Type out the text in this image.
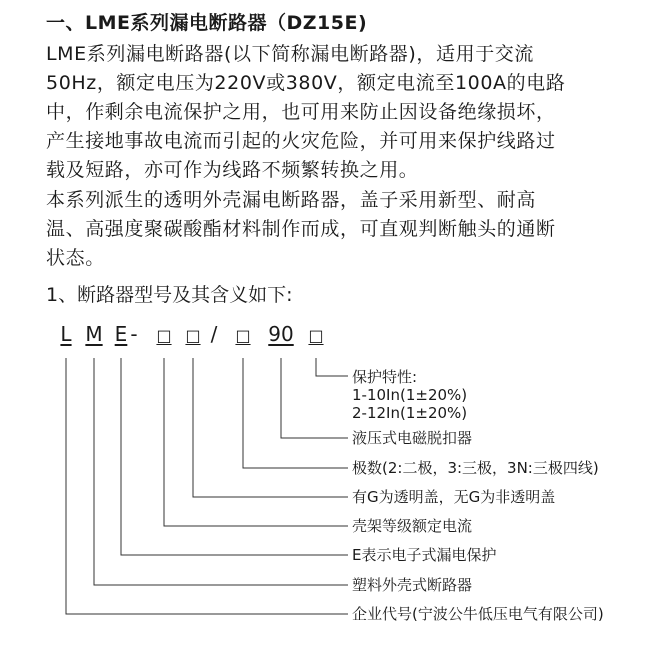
一、LME系列漏电断路器（DZ15E)
LME系列漏电断路器(以下简称漏电断路器)，适用于交流
50Hz，额定电压为220V或380V，额定电流至100A的电路
中，作剩余电流保护之用，也可用来防止因设备绝缘损坏，
产生接地事故电流而引起的火灾危险，并可用来保护线路过
载及短路，亦可作为线路不频繁转换之用。
本系列派生的透明外壳漏电断路器，盖子采用新型、耐高
温、高强度聚碳酸酯材料制作而成，可直观判断触头的通断
状态。
1、断路器型号及其含义如下:
L M E - □ □ / □ 90 □
保护特性:
1-10In(1±20%)
2-12In(1±20%)
液压式电磁脱扣器
极数(2:二极，3:三极，3N:三极四线)
有G为透明盖，无G为非透明盖
壳架等级额定电流
E表示电子式漏电保护
塑料外壳式断路器
企业代号(宁波公牛低压电气有限公司)
